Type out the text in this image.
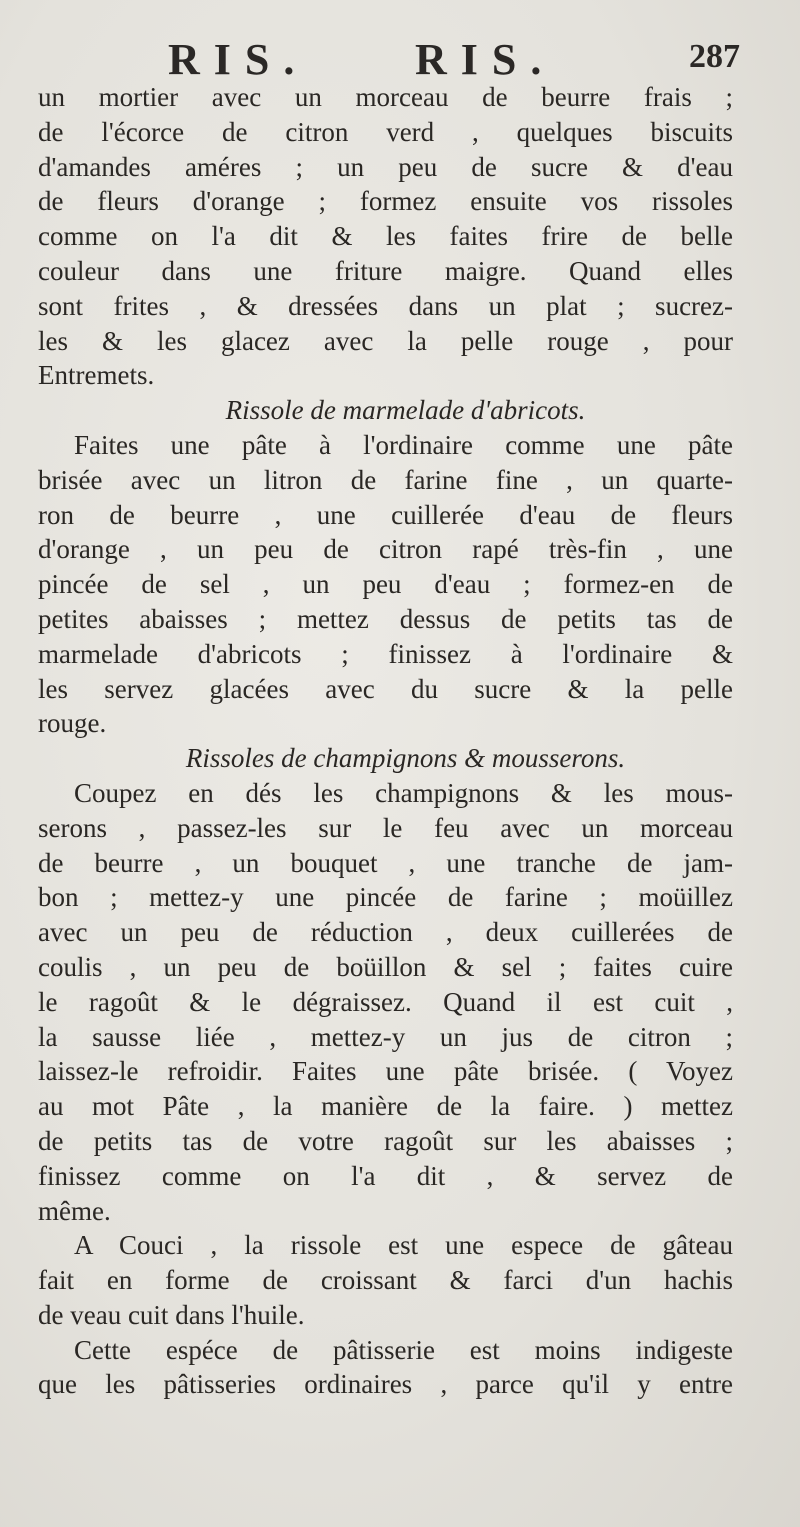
RIS. RIS.	287
un mortier avec un morceau de beurre frais ;
de l'écorce de citron verd , quelques biscuits
d'amandes améres ; un peu de sucre & d'eau
de fleurs d'orange ; formez ensuite vos rissoles
comme on l'a dit & les faites frire de belle
couleur dans une friture maigre. Quand elles
sont frites , & dressées dans un plat ; sucrez-
les & les glacez avec la pelle rouge , pour
Entremets.
Rissole de marmelade d'abricots.
Faites une pâte à l'ordinaire comme une pâte
brisée avec un litron de farine fine , un quarte-
ron de beurre , une cuillerée d'eau de fleurs
d'orange , un peu de citron rapé très-fin , une
pincée de sel , un peu d'eau ; formez-en de
petites abaisses ; mettez dessus de petits tas de
marmelade d'abricots ; finissez à l'ordinaire &
les servez glacées avec du sucre & la pelle
rouge.
Rissoles de champignons & mousserons.
Coupez en dés les champignons & les mous-
serons , passez-les sur le feu avec un morceau
de beurre , un bouquet , une tranche de jam-
bon ; mettez-y une pincée de farine ; moüillez
avec un peu de réduction , deux cuillerées de
coulis , un peu de boüillon & sel ; faites cuire
le ragoût & le dégraissez. Quand il est cuit ,
la sausse liée , mettez-y un jus de citron ;
laissez-le refroidir. Faites une pâte brisée. ( Voyez
au mot Pâte , la manière de la faire. ) mettez
de petits tas de votre ragoût sur les abaisses ;
finissez comme on l'a dit , & servez de
même.
A Couci , la rissole est une espece de gâteau
fait en forme de croissant & farci d'un hachis
de veau cuit dans l'huile.
Cette espéce de pâtisserie est moins indigeste
que les pâtisseries ordinaires , parce qu'il y entre
